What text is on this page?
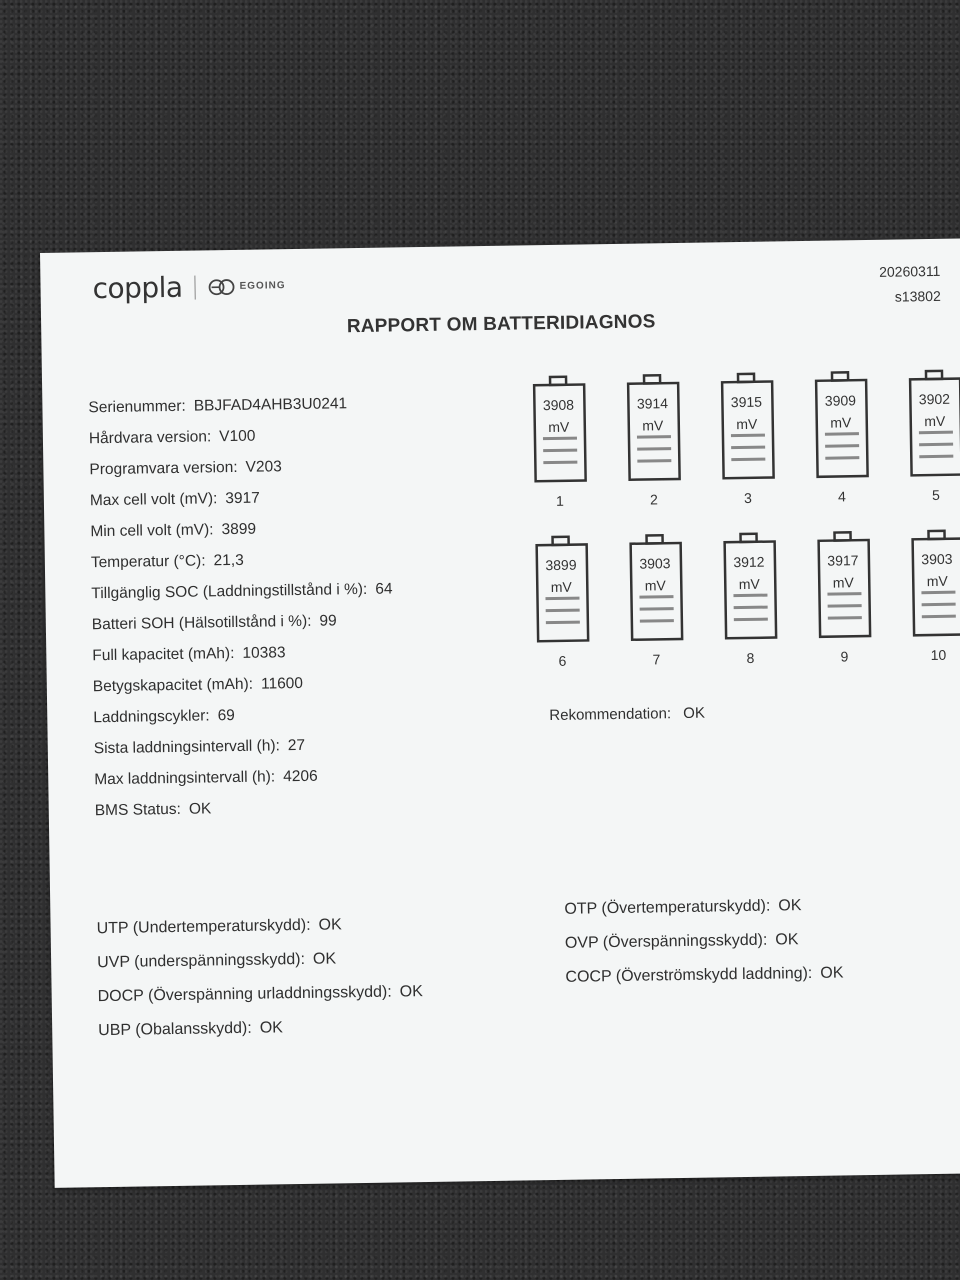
coppla	EGOING
20260311
s13802
RAPPORT OM BATTERIDIAGNOS
Serienummer: BBJFAD4AHB3U0241
Hårdvara version: V100
Programvara version: V203
Max cell volt (mV): 3917
Min cell volt (mV): 3899
Temperatur (°C): 21,3
Tillgänglig SOC (Laddningstillstånd i %): 64
Batteri SOH (Hälsotillstånd i %): 99
Full kapacitet (mAh): 10383
Betygskapacitet (mAh): 11600
Laddningscykler: 69
Sista laddningsintervall (h): 27
Max laddningsintervall (h): 4206
BMS Status: OK
3908
mV
1
3914
mV
2
3915
mV
3
3909
mV
4
3902
mV
5
3899
mV
6
3903
mV
7
3912
mV
8
3917
mV
9
3903
mV
10
Rekommendation: OK
UTP (Undertemperaturskydd): OK
UVP (underspänningsskydd): OK
DOCP (Överspänning urladdningsskydd): OK
UBP (Obalansskydd): OK
OTP (Övertemperaturskydd): OK
OVP (Överspänningsskydd): OK
COCP (Överströmskydd laddning): OK
